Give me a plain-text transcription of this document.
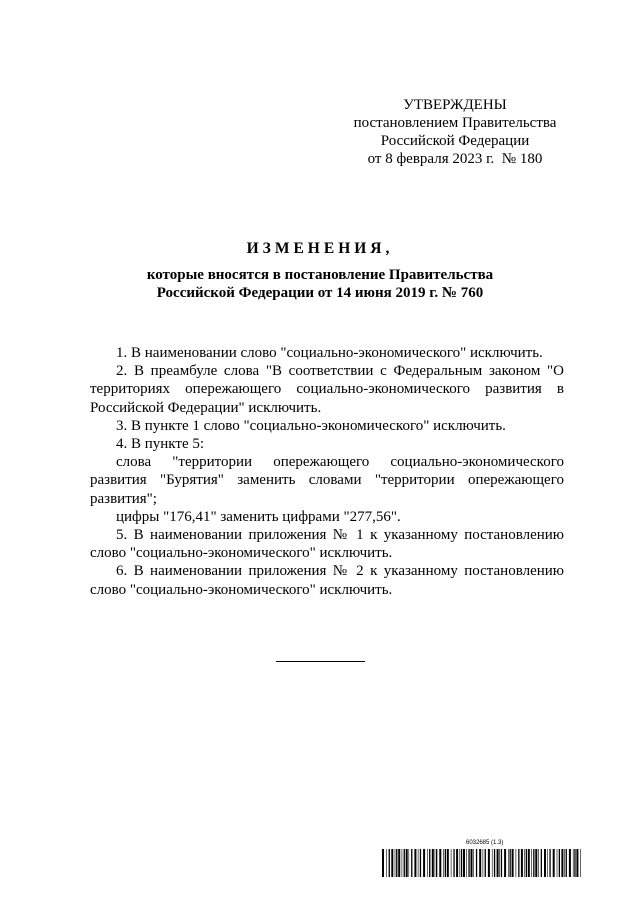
УТВЕРЖДЕНЫ
постановлением Правительства
Российской Федерации
от 8 февраля 2023 г.  № 180
ИЗМЕНЕНИЯ,
которые вносятся в постановление Правительства
Российской Федерации от 14 июня 2019 г. № 760

1. В наименовании слово "социально-экономического" исключить.

2. В преамбуле слова "В соответствии с Федеральным законом "О территориях опережающего социально-экономического развития в Российской Федерации" исключить.

3. В пункте 1 слово "социально-экономического" исключить.

4. В пункте 5:

слова "территории опережающего социально-экономического развития "Бурятия" заменить словами "территории опережающего развития";

цифры "176,41" заменить цифрами "277,56".

5. В наименовании приложения № 1 к указанному постановлению слово "социально-экономического" исключить.

6. В наименовании приложения № 2 к указанному постановлению слово "социально-экономического" исключить.

6032685 (1.3)
